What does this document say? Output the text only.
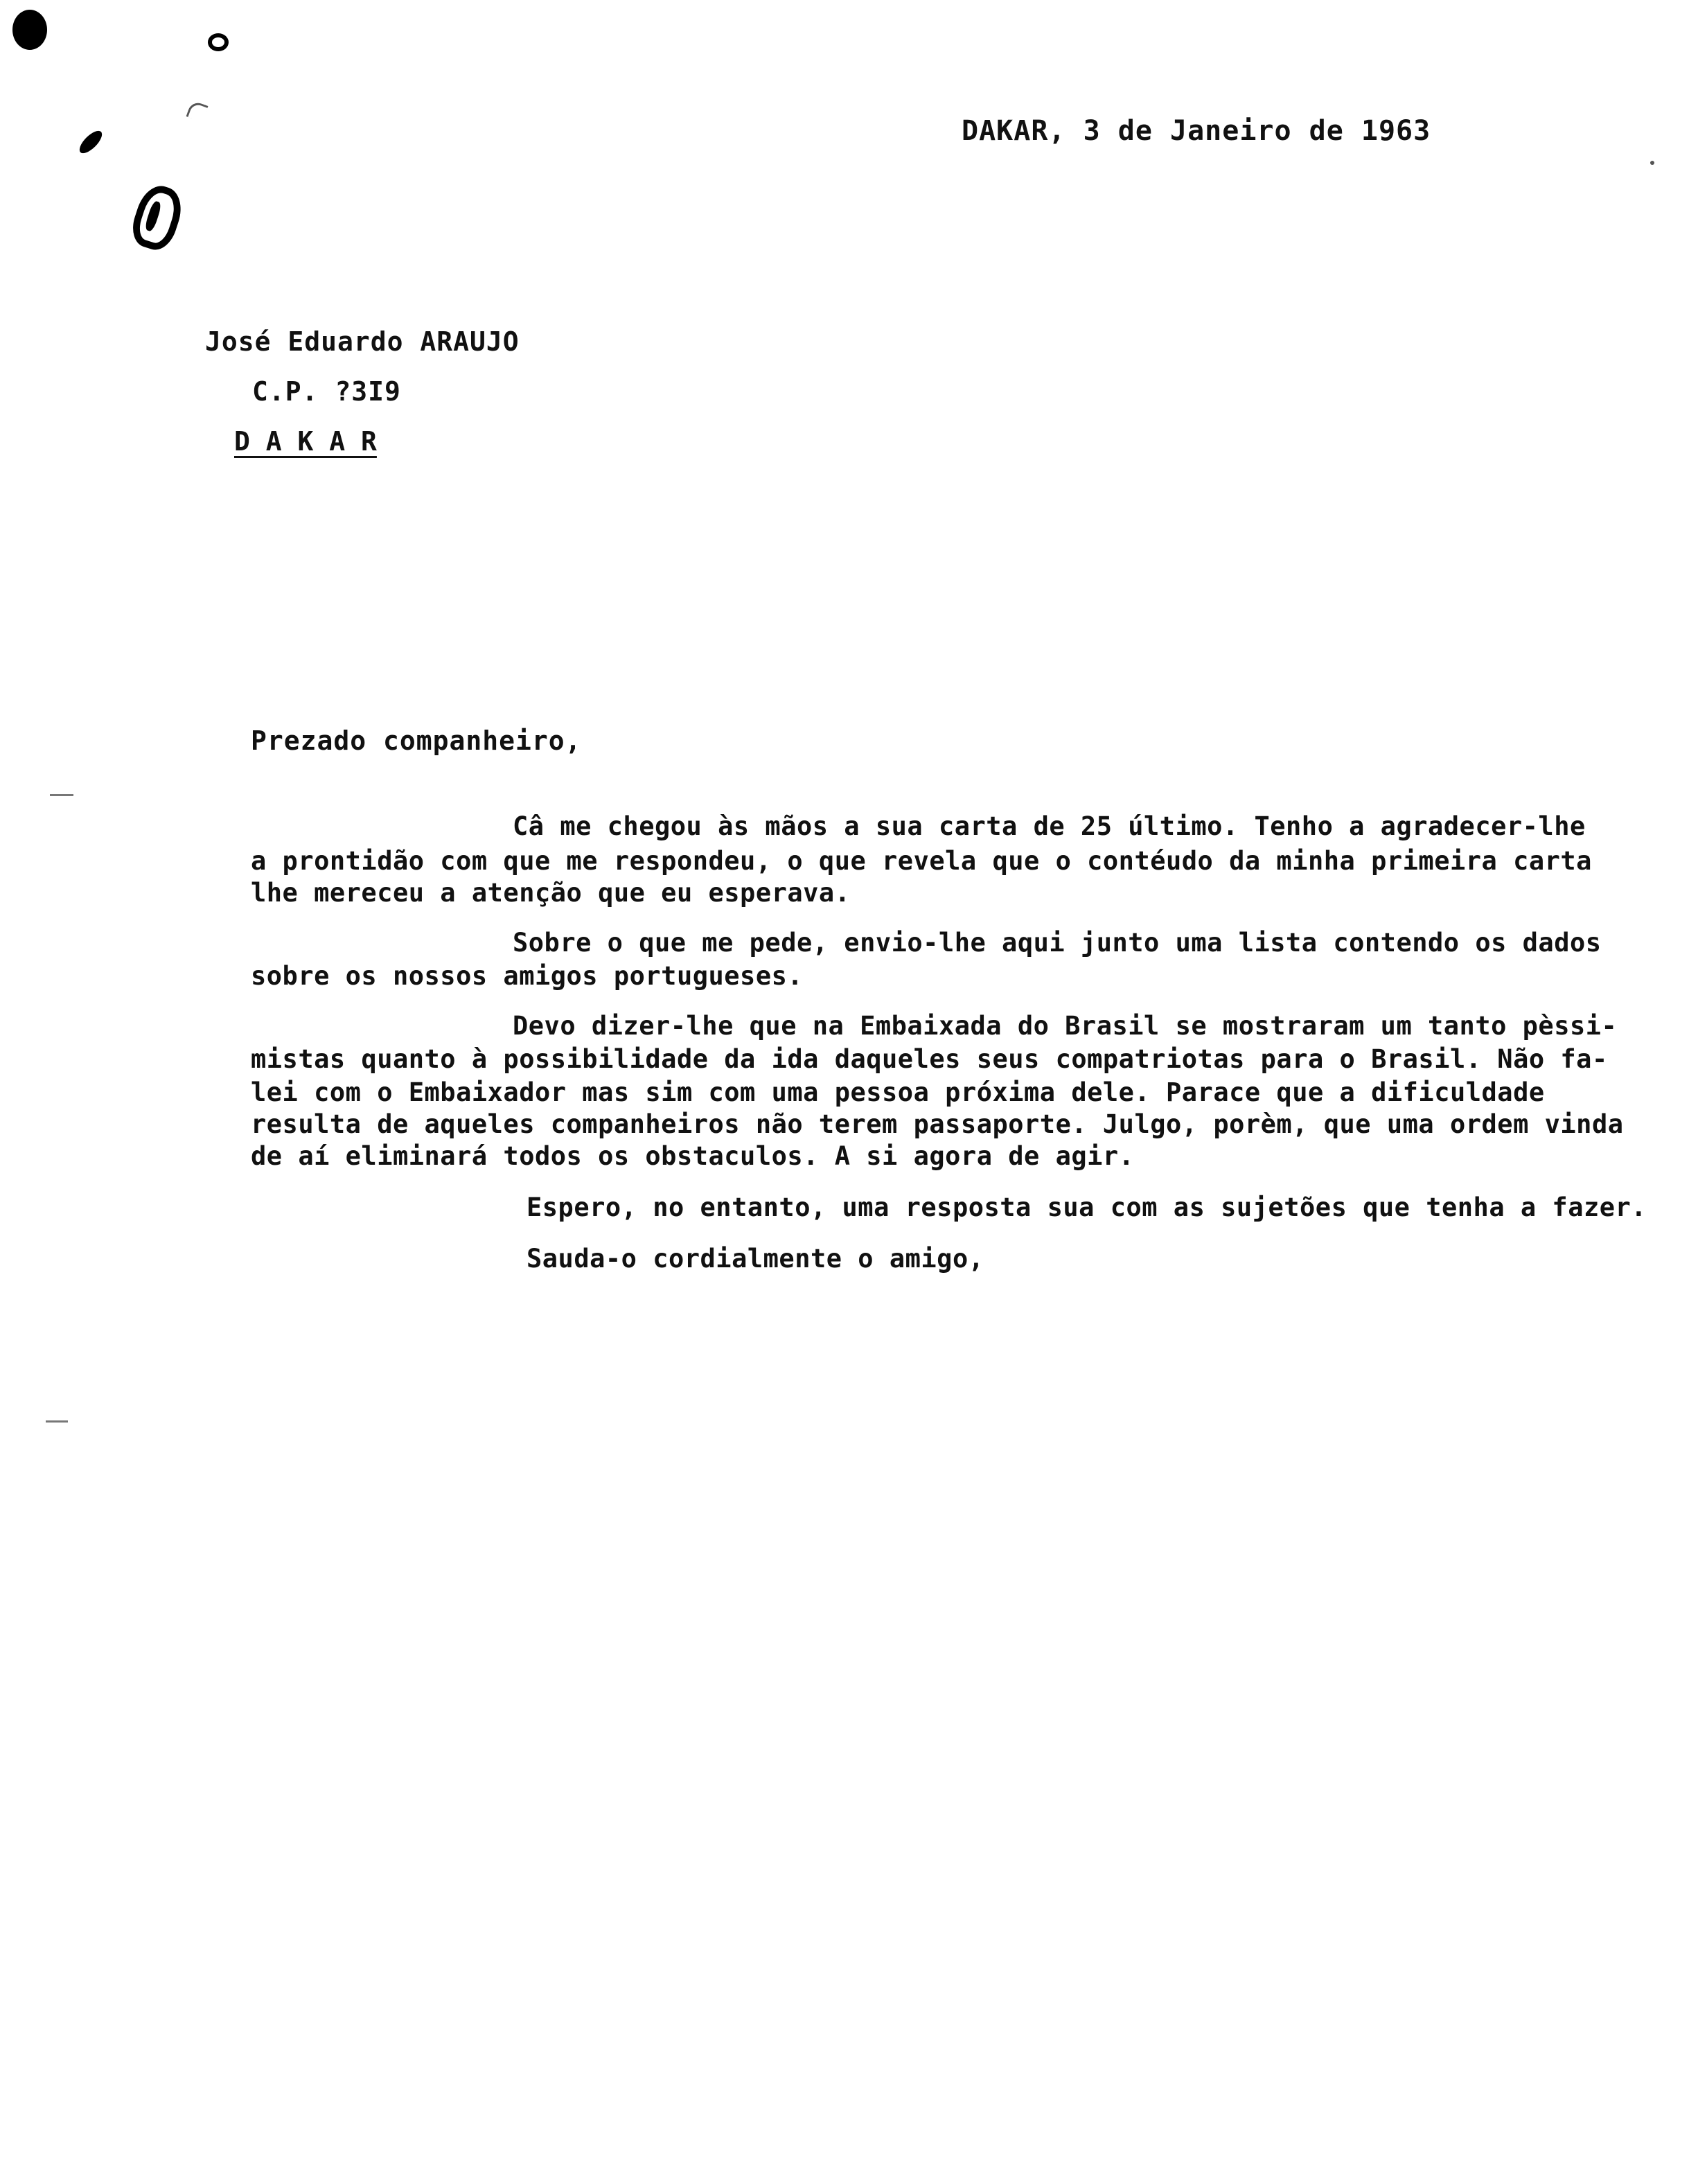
DAKAR, 3 de Janeiro de 1963
José Eduardo ARAUJO
C.P. ?3I9
D A K A R
Prezado companheiro,
Câ me chegou às mãos a sua carta de 25 último. Tenho a agradecer-lhe
a prontidão com que me respondeu, o que revela que o contéudo da minha primeira carta
lhe mereceu a atenção que eu esperava.
Sobre o que me pede, envio-lhe aqui junto uma lista contendo os dados
sobre os nossos amigos portugueses.
Devo dizer-lhe que na Embaixada do Brasil se mostraram um tanto pèssi-
mistas quanto à possibilidade da ida daqueles seus compatriotas para o Brasil. Não fa-
lei com o Embaixador mas sim com uma pessoa próxima dele. Parace que a dificuldade
resulta de aqueles companheiros não terem passaporte. Julgo, porèm, que uma ordem vinda
de aí eliminará todos os obstaculos. A si agora de agir.
Espero, no entanto, uma resposta sua com as sujetões que tenha a fazer.
Sauda-o cordialmente o amigo,
